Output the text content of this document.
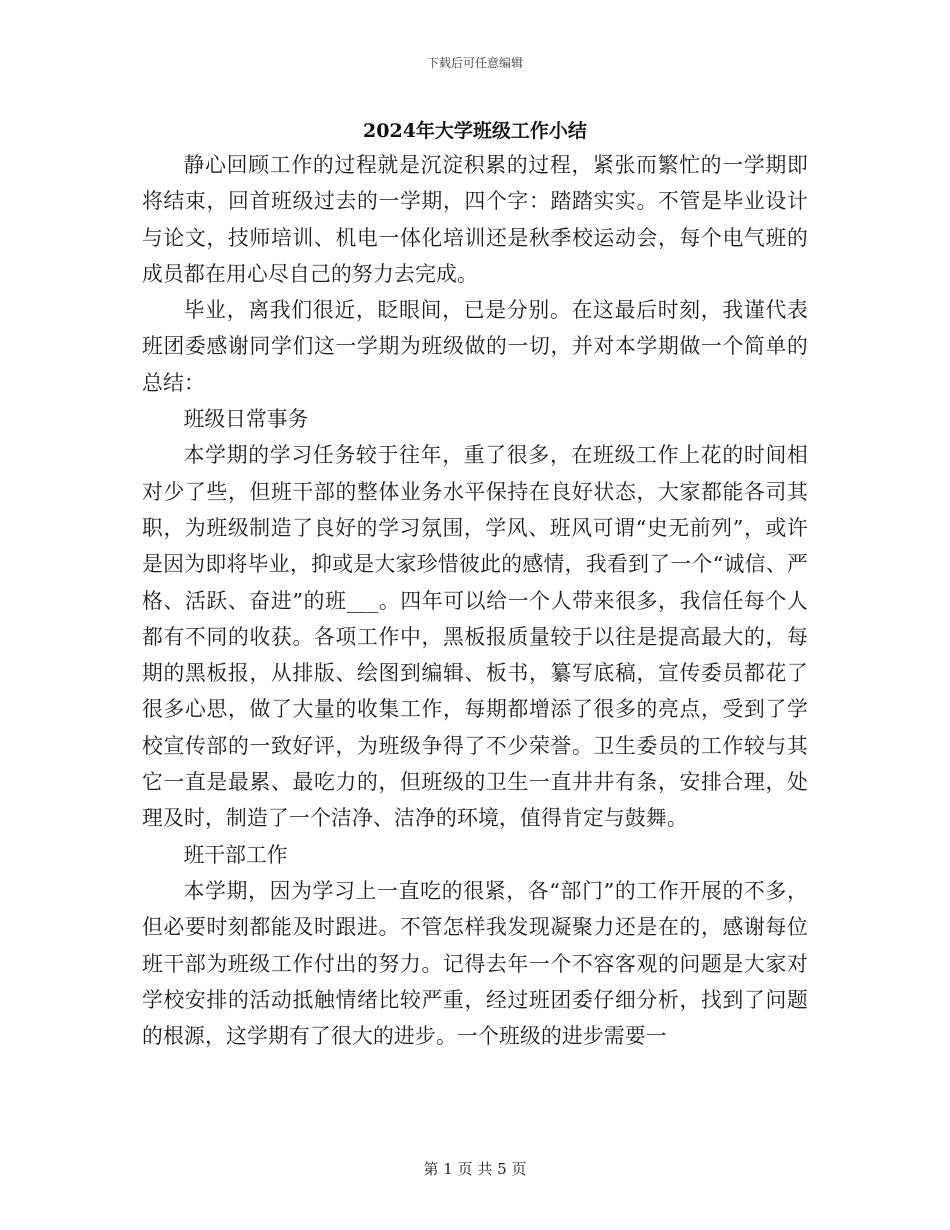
下载后可任意编辑
2024年大学班级工作小结

静心回顾工作的过程就是沉淀积累的过程，紧张而繁忙的一学期即将结束，回首班级过去的一学期，四个字：踏踏实实。不管是毕业设计与论文，技师培训、机电一体化培训还是秋季校运动会，每个电气班的成员都在用心尽自己的努力去完成。

毕业，离我们很近，眨眼间，已是分别。在这最后时刻，我谨代表班团委感谢同学们这一学期为班级做的一切，并对本学期做一个简单的总结：

班级日常事务

本学期的学习任务较于往年，重了很多，在班级工作上花的时间相对少了些，但班干部的整体业务水平保持在良好状态，大家都能各司其职，为班级制造了良好的学习氛围，学风、班风可谓“史无前列”，或许是因为即将毕业，抑或是大家珍惜彼此的感情，我看到了一个“诚信、严格、活跃、奋进”的班___。四年可以给一个人带来很多，我信任每个人都有不同的收获。各项工作中，黑板报质量较于以往是提高最大的，每期的黑板报，从排版、绘图到编辑、板书，纂写底稿，宣传委员都花了很多心思，做了大量的收集工作，每期都增添了很多的亮点，受到了学校宣传部的一致好评，为班级争得了不少荣誉。卫生委员的工作较与其它一直是最累、最吃力的，但班级的卫生一直井井有条，安排合理，处理及时，制造了一个洁净、洁净的环境，值得肯定与鼓舞。

班干部工作

本学期，因为学习上一直吃的很紧，各“部门”的工作开展的不多，但必要时刻都能及时跟进。不管怎样我发现凝聚力还是在的，感谢每位班干部为班级工作付出的努力。记得去年一个不容客观的问题是大家对学校安排的活动抵触情绪比较严重，经过班团委仔细分析，找到了问题的根源，这学期有了很大的进步。一个班级的进步需要一

第 1 页 共 5 页
